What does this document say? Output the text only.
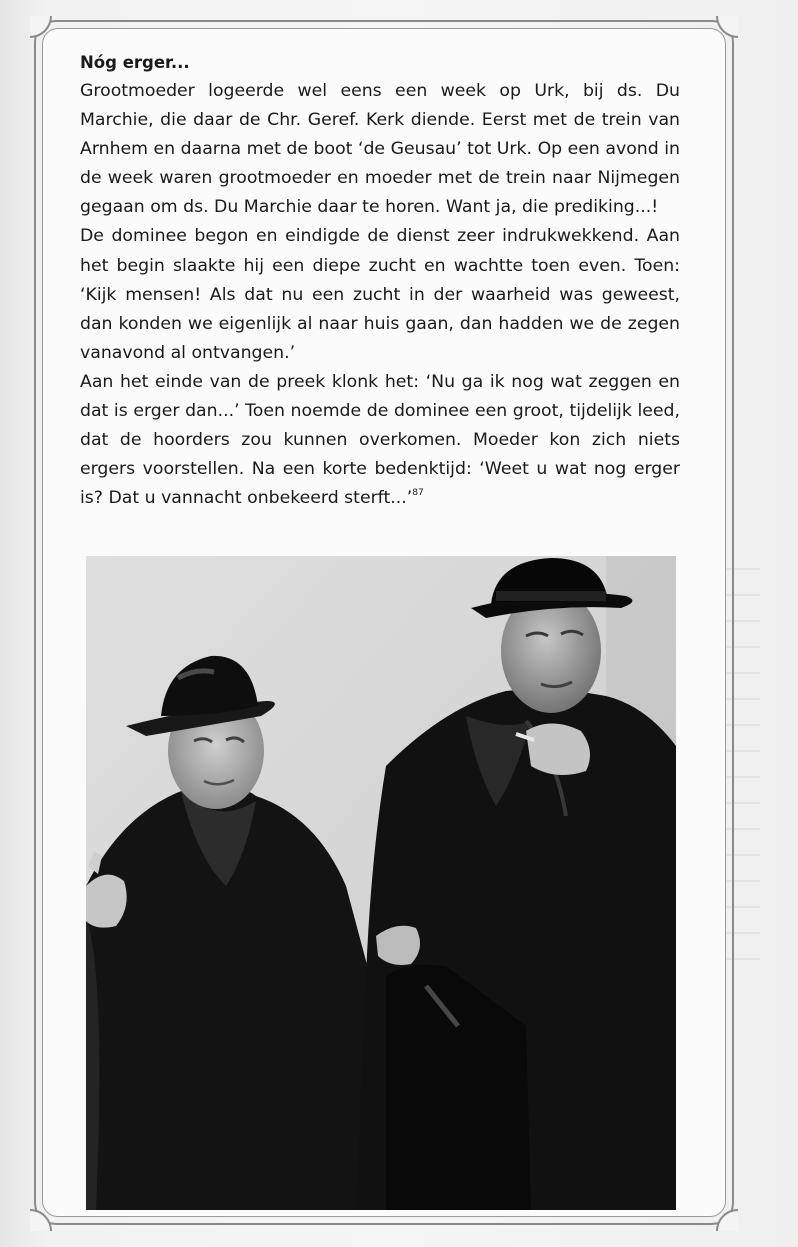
Nóg erger...

Grootmoeder logeerde wel eens een week op Urk, bij ds. Du Marchie, die daar de Chr. Geref. Kerk diende. Eerst met de trein van Arnhem en daarna met de boot ‘de Geusau’ tot Urk. Op een avond in de week waren grootmoeder en moeder met de trein naar Nijmegen gegaan om ds. Du Marchie daar te horen. Want ja, die prediking...!

De dominee begon en eindigde de dienst zeer indrukwekkend. Aan het begin slaakte hij een diepe zucht en wachtte toen even. Toen: ‘Kijk mensen! Als dat nu een zucht in der waarheid was geweest, dan konden we eigenlijk al naar huis gaan, dan hadden we de zegen vanavond al ontvangen.’

Aan het einde van de preek klonk het: ‘Nu ga ik nog wat zeggen en dat is erger dan...’ Toen noemde de dominee een groot, tijdelijk leed, dat de hoorders zou kunnen overkomen. Moeder kon zich niets ergers voorstellen. Na een korte bedenktijd: ‘Weet u wat nog erger is? Dat u vannacht onbekeerd sterft...’$^{87}$
